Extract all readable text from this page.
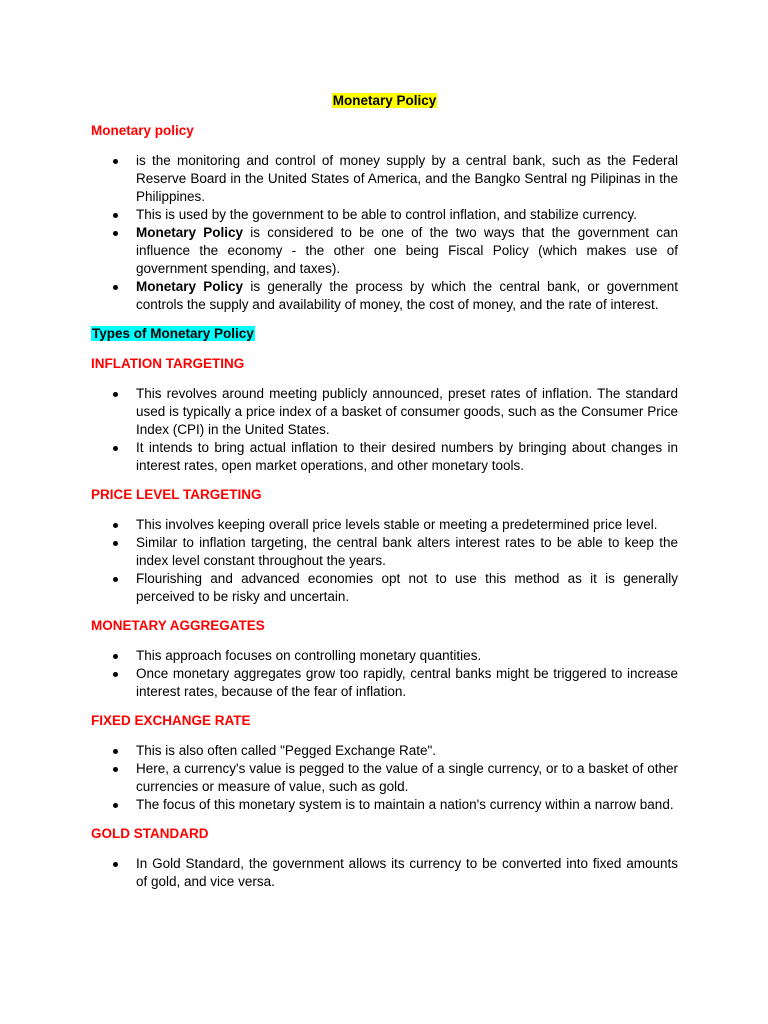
Monetary Policy
Monetary policy
is the monitoring and control of money supply by a central bank, such as the Federal Reserve Board in the United States of America, and the Bangko Sentral ng Pilipinas in the Philippines.
This is used by the government to be able to control inflation, and stabilize currency.
Monetary Policy is considered to be one of the two ways that the government can influence the economy - the other one being Fiscal Policy (which makes use of government spending, and taxes).
Monetary Policy is generally the process by which the central bank, or government controls the supply and availability of money, the cost of money, and the rate of interest.
Types of Monetary Policy
INFLATION TARGETING
This revolves around meeting publicly announced, preset rates of inflation. The standard used is typically a price index of a basket of consumer goods, such as the Consumer Price Index (CPI) in the United States.
It intends to bring actual inflation to their desired numbers by bringing about changes in interest rates, open market operations, and other monetary tools.
PRICE LEVEL TARGETING
This involves keeping overall price levels stable or meeting a predetermined price level.
Similar to inflation targeting, the central bank alters interest rates to be able to keep the index level constant throughout the years.
Flourishing and advanced economies opt not to use this method as it is generally perceived to be risky and uncertain.
MONETARY AGGREGATES
This approach focuses on controlling monetary quantities.
Once monetary aggregates grow too rapidly, central banks might be triggered to increase interest rates, because of the fear of inflation.
FIXED EXCHANGE RATE
This is also often called "Pegged Exchange Rate".
Here, a currency's value is pegged to the value of a single currency, or to a basket of other currencies or measure of value, such as gold.
The focus of this monetary system is to maintain a nation's currency within a narrow band.
GOLD STANDARD
In Gold Standard, the government allows its currency to be converted into fixed amounts of gold, and vice versa.
